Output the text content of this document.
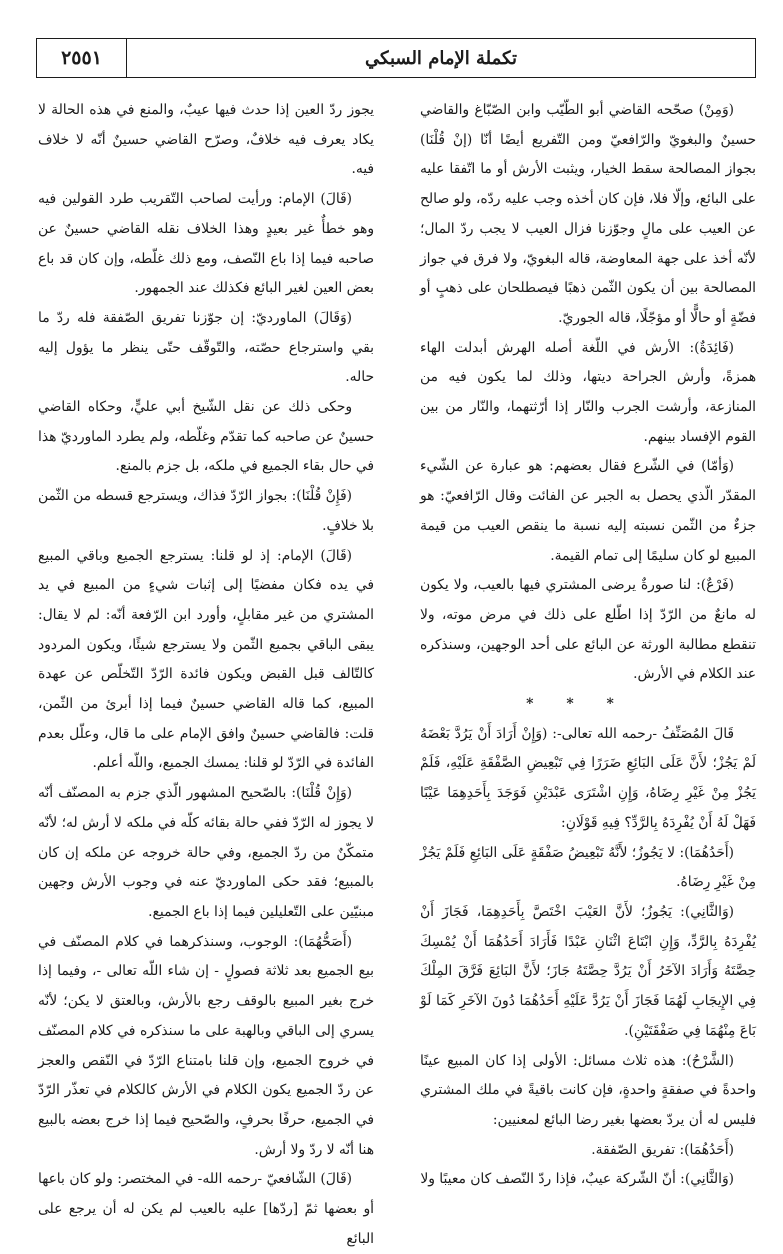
٢٥٥١	تكملة الإمام السبكي

(وَمِنْ) صحّحه القاضي أبو الطّيّب وابن الصّبّاغ والقاضي حسينٌ والبغويّ والرّافعيّ ومن التّفريع أيضًا أنّا (إنْ قُلْنَا) بجواز المصالحة سقط الخيار، ويثبت الأرش أو ما اتّفقا عليه على البائع، وإلّا فلا، فإن كان أخذه وجب عليه ردّه، ولو صالح عن العيب على مالٍ وجوّزنا فزال العيب لا يجب ردّ المال؛ لأنّه أخذ على جهة المعاوضة، قاله البغويّ، ولا فرق في جواز المصالحة بين أن يكون الثّمن ذهبًا فيصطلحان على ذهبٍ أو فضّةٍ أو حالًّا أو مؤجّلًا، قاله الجوريّ.

(فَائِدَةٌ): الأرش في اللّغة أصله الهرش أبدلت الهاء همزةً، وأرش الجراحة ديتها، وذلك لما يكون فيه من المنازعة، وأرشت الجرب والنّار إذا أرّثتهما، والنّار من بين القوم الإفساد بينهم.

(وَأمّا) في الشّرع فقال بعضهم: هو عبارة عن الشّيء المقدّر الّذي يحصل به الجبر عن الفائت وقال الرّافعيّ: هو جزءٌ من الثّمن نسبته إليه نسبة ما ينقص العيب من قيمة المبيع لو كان سليمًا إلى تمام القيمة.

(فَرْعٌ): لنا صورةٌ يرضى المشتري فيها بالعيب، ولا يكون له مانعٌ من الرّدّ إذا اطّلع على ذلك في مرض موته، ولا تنقطع مطالبة الورثة عن البائع على أحد الوجهين، وسنذكره عند الكلام في الأرش.

* * *

قَالَ المُصَنِّفُ -رحمه الله تعالى-: (وَإِنْ أَرَادَ أَنْ يَرُدَّ بَعْضَهُ لَمْ يَجُزْ؛ لأَنَّ عَلَى البَائِعِ ضَرَرًا فِي تَبْعِيضِ الصَّفْقَةِ عَلَيْهِ، فَلَمْ يَجُزْ مِنْ غَيْرِ رِضَاهُ، وَإِنِ اشْتَرَى عَبْدَيْنِ فَوَجَدَ بِأَحَدِهِمَا عَيْبًا فَهَلْ لَهُ أَنْ يُفْرِدَهُ بِالرَّدِّ؟ فِيهِ قَوْلَانِ:

(أَحَدُهُمَا): لا يَجُوزُ؛ لأَنَّهُ تَبْعِيضُ صَفْقَةٍ عَلَى البَائِعِ فَلَمْ يَجُزْ مِنْ غَيْرِ رِضَاهُ.

(وَالثَّانِي): يَجُوزُ؛ لأَنَّ العَيْبَ اخْتَصَّ بِأَحَدِهِمَا، فَجَازَ أَنْ يُفْرِدَهُ بِالرَّدِّ، وَإِنِ ابْتَاعَ اثْنَانِ عَبْدًا فَأَرَادَ أَحَدُهُمَا أَنْ يُمْسِكَ حِصَّتَهُ وَأَرَادَ الآخَرُ أَنْ يَرُدَّ حِصَّتَهُ جَازَ؛ لأَنَّ البَائِعَ فَرَّقَ المِلْكَ فِي الإِيجَابِ لَهُمَا فَجَازَ أَنْ يَرُدَّ عَلَيْهِ أَحَدُهُمَا دُونَ الآخَرِ كَمَا لَوْ بَاعَ مِنْهُمَا فِي صَفْقَتَيْنِ).

(الشَّرْحُ): هذه ثلاث مسائل: الأولى إذا كان المبيع عينًا واحدةً في صفقةٍ واحدةٍ، فإن كانت باقيةً في ملك المشتري فليس له أن يردّ بعضها بغير رضا البائع لمعنيين:

(أَحَدُهُمَا): تفريق الصّفقة.

(وَالثَّانِي): أنّ الشّركة عيبٌ، فإذا ردّ النّصف كان معيبًا ولا

يجوز ردّ العين إذا حدث فيها عيبٌ، والمنع في هذه الحالة لا يكاد يعرف فيه خلافٌ، وصرّح القاضي حسينٌ أنّه لا خلاف فيه.

(قَالَ) الإمام: ورأيت لصاحب التّقريب طرد القولين فيه وهو خطأٌ غير بعيدٍ وهذا الخلاف نقله القاضي حسينٌ عن صاحبه فيما إذا باع النّصف، ومع ذلك غلّطه، وإن كان قد باع بعض العين لغير البائع فكذلك عند الجمهور.

(وَقَالَ) الماورديّ: إن جوّزنا تفريق الصّفقة فله ردّ ما بقي واسترجاع حصّته، والتّوقّف حتّى ينظر ما يؤول إليه حاله.

وحكى ذلك عن نقل الشّيخ أبي عليٍّ، وحكاه القاضي حسينٌ عن صاحبه كما تقدّم وغلّطه، ولم يطرد الماورديّ هذا في حال بقاء الجميع في ملكه، بل جزم بالمنع.

(فَإِنْ قُلْنَا): بجواز الرّدّ فذاك، ويسترجع قسطه من الثّمن بلا خلافٍ.

(قَالَ) الإمام: إذ لو قلنا: يسترجع الجميع وباقي المبيع في يده فكان مفضيًا إلى إثبات شيءٍ من المبيع في يد المشتري من غير مقابلٍ، وأورد ابن الرّفعة أنّه: لم لا يقال: يبقى الباقي بجميع الثّمن ولا يسترجع شيئًا، ويكون المردود كالتّالف قبل القبض ويكون فائدة الرّدّ التّخلّص عن عهدة المبيع، كما قاله القاضي حسينٌ فيما إذا أبرئ من الثّمن، قلت: فالقاضي حسينٌ وافق الإمام على ما قال، وعلّل بعدم الفائدة في الرّدّ لو قلنا: يمسك الجميع، واللّه أعلم.

(وَإِنْ قُلْنَا): بالصّحيح المشهور الّذي جزم به المصنّف أنّه لا يجوز له الرّدّ ففي حالة بقائه كلّه في ملكه لا أرش له؛ لأنّه متمكّنٌ من ردّ الجميع، وفي حالة خروجه عن ملكه إن كان بالمبيع؛ فقد حكى الماورديّ عنه في وجوب الأرش وجهين مبنيّين على التّعليلين فيما إذا باع الجميع.

(أَصَحُّهُمَا): الوجوب، وسنذكرهما في كلام المصنّف في بيع الجميع بعد ثلاثة فصولٍ - إن شاء اللّه تعالى -، وفيما إذا خرج بغير المبيع بالوقف رجع بالأرش، وبالعتق لا يكن؛ لأنّه يسري إلى الباقي وبالهبة على ما سنذكره في كلام المصنّف في خروج الجميع، وإن قلنا بامتناع الرّدّ في النّقص والعجز عن ردّ الجميع يكون الكلام في الأرش كالكلام في تعذّر الرّدّ في الجميع، حرفًا بحرفٍ، والصّحيح فيما إذا خرج بعضه بالبيع هنا أنّه لا ردّ ولا أرش.

(قَالَ) الشّافعيّ -رحمه الله- في المختصر: ولو كان باعها أو بعضها ثمّ [ردّها] عليه بالعيب لم يكن له أن يرجع على البائع
